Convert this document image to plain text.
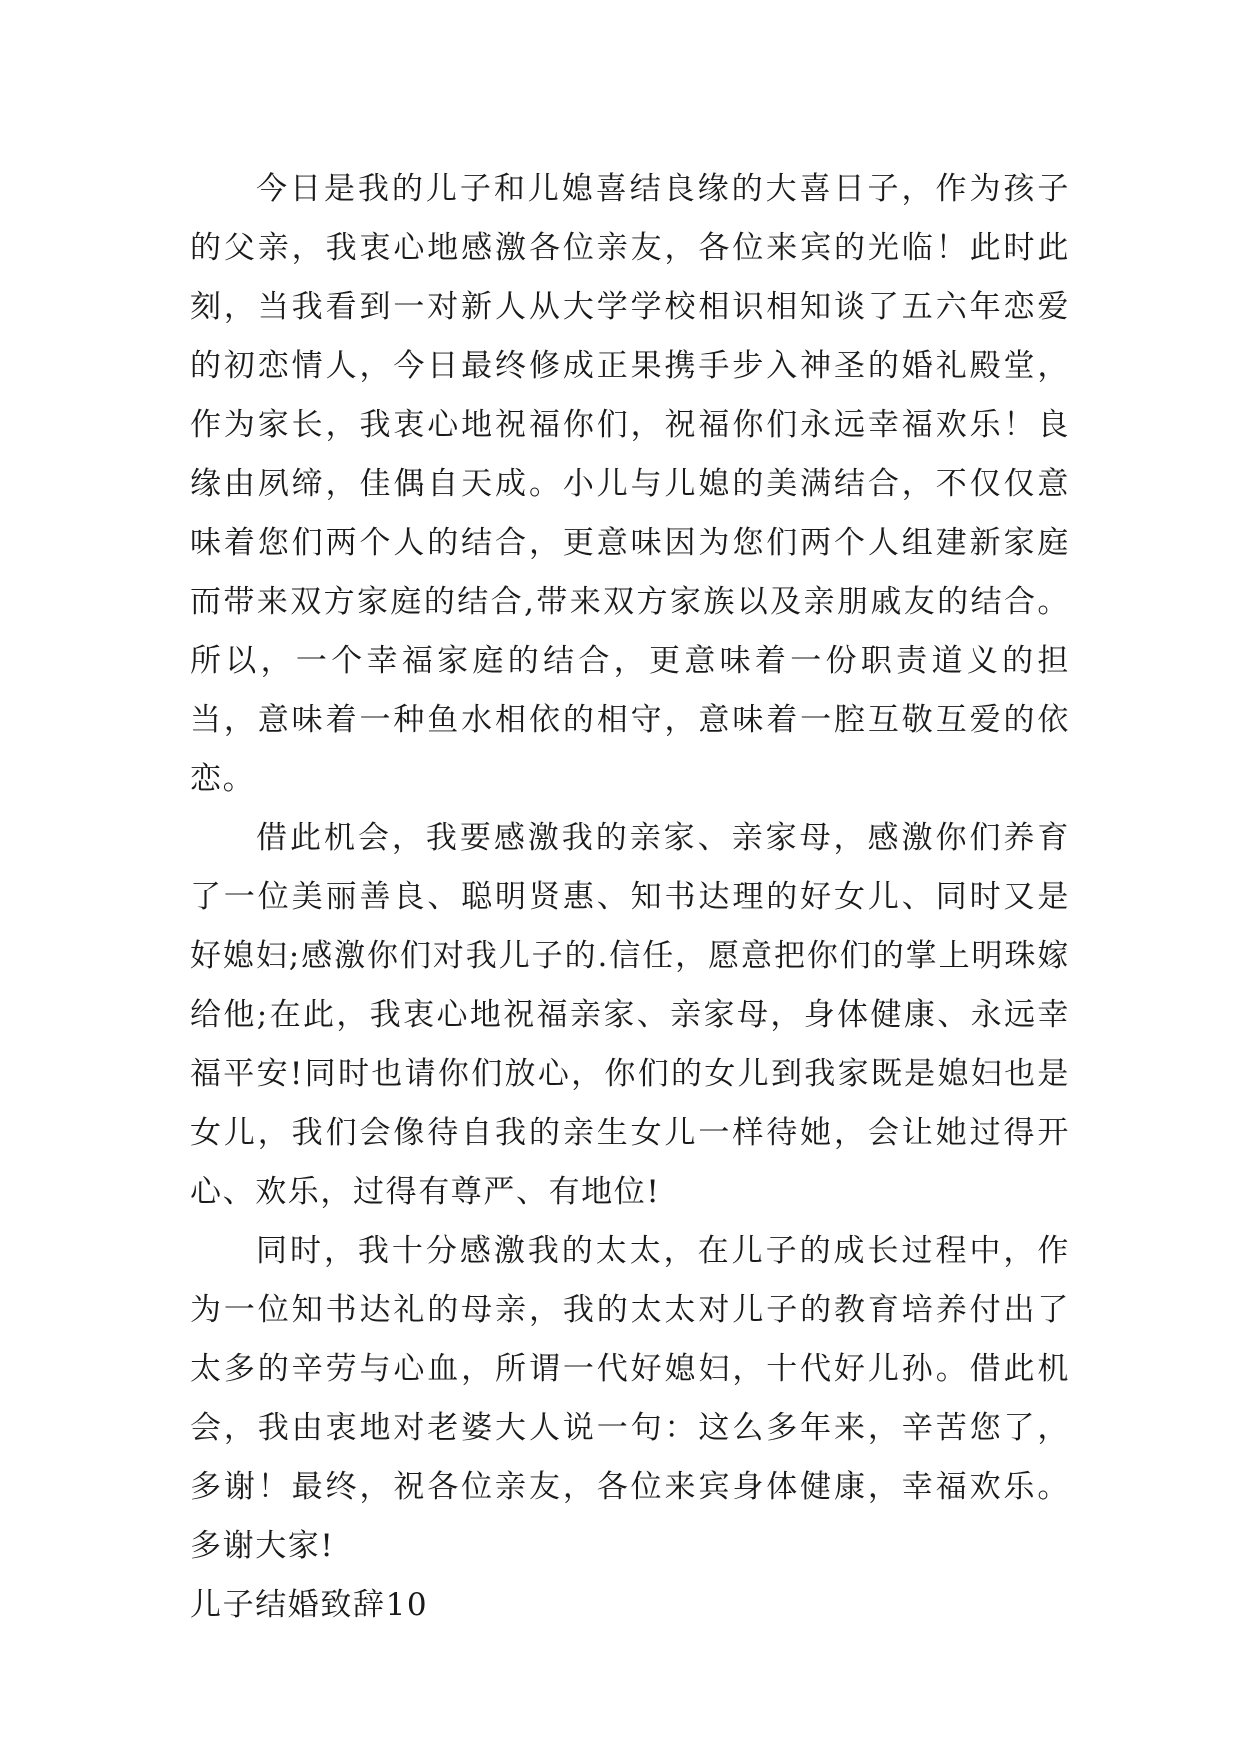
今日是我的儿子和儿媳喜结良缘的大喜日子，作为孩子的父亲，我衷心地感激各位亲友，各位来宾的光临！此时此刻，当我看到一对新人从大学学校相识相知谈了五六年恋爱的初恋情人，今日最终修成正果携手步入神圣的婚礼殿堂，作为家长，我衷心地祝福你们，祝福你们永远幸福欢乐！良缘由夙缔，佳偶自天成。小儿与儿媳的美满结合，不仅仅意味着您们两个人的结合，更意味因为您们两个人组建新家庭而带来双方家庭的结合,带来双方家族以及亲朋戚友的结合。所以，一个幸福家庭的结合，更意味着一份职责道义的担当，意味着一种鱼水相依的相守，意味着一腔互敬互爱的依恋。

借此机会，我要感激我的亲家、亲家母，感激你们养育了一位美丽善良、聪明贤惠、知书达理的好女儿、同时又是好媳妇;感激你们对我儿子的.信任，愿意把你们的掌上明珠嫁给他;在此，我衷心地祝福亲家、亲家母，身体健康、永远幸福平安!同时也请你们放心，你们的女儿到我家既是媳妇也是女儿，我们会像待自我的亲生女儿一样待她，会让她过得开心、欢乐，过得有尊严、有地位!

同时，我十分感激我的太太，在儿子的成长过程中，作为一位知书达礼的母亲，我的太太对儿子的教育培养付出了太多的辛劳与心血，所谓一代好媳妇，十代好儿孙。借此机会，我由衷地对老婆大人说一句：这么多年来，辛苦您了，多谢！最终，祝各位亲友，各位来宾身体健康，幸福欢乐。多谢大家!

儿子结婚致辞10
